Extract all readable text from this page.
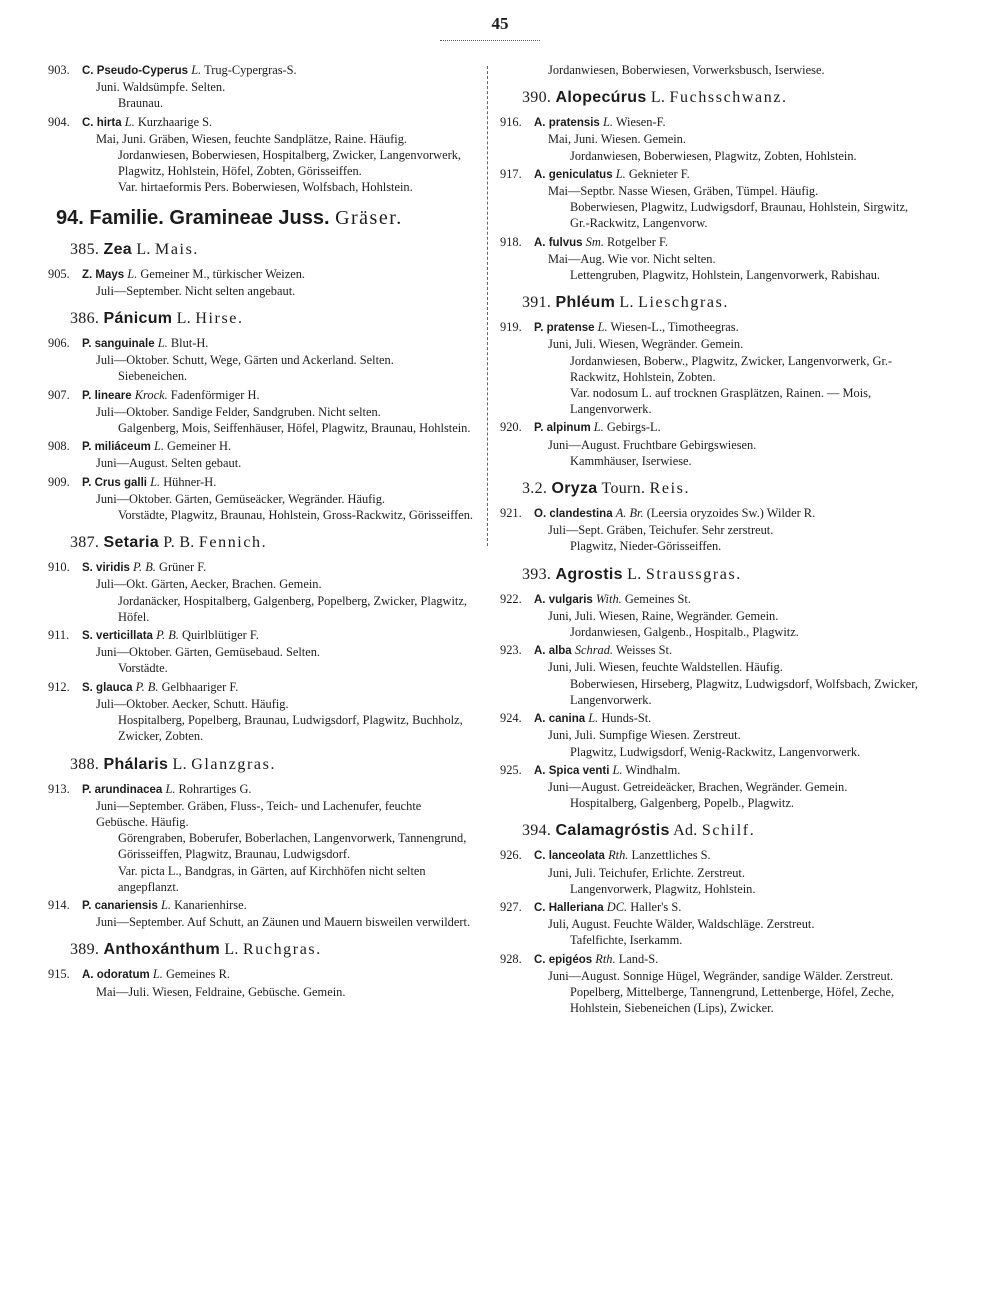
45
903. C. Pseudo-Cyperus L. Trug-Cypergras-S.
Juni. Waldsümpfe. Selten.
Braunau.
904. C. hirta L. Kurzhaarige S.
Mai, Juni. Gräben, Wiesen, feuchte Sandplätze, Raine. Häufig.
Jordanwiesen, Boberwiesen, Hospitalberg, Zwicker, Langenvorwerk, Plagwitz, Hohlstein, Höfel, Zobten, Görisseiffen.
Var. hirtaeformis Pers. Boberwiesen, Wolfsbach, Hohlstein.
94. Familie. Gramineae Juss. Gräser.
385. Zea L. Mais.
905. Z. Mays L. Gemeiner M., türkischer Weizen.
Juli—September. Nicht selten angebaut.
386. Pánicum L. Hirse.
906. P. sanguinale L. Blut-H.
Juli—Oktober. Schutt, Wege, Gärten und Ackerland. Selten.
Siebeneichen.
907. P. lineare Krock. Fadenförmiger H.
Juli—Oktober. Sandige Felder, Sandgruben. Nicht selten.
Galgenberg, Mois, Seiffenhäuser, Höfel, Plagwitz, Braunau, Hohlstein.
908. P. miliáceum L. Gemeiner H.
Juni—August. Selten gebaut.
909. P. Crus galli L. Hühner-H.
Juni—Oktober. Gärten, Gemüseäcker, Wegränder. Häufig.
Vorstädte, Plagwitz, Braunau, Hohlstein, Gross-Rackwitz, Görisseiffen.
387. Setaria P. B. Fennich.
910. S. viridis P. B. Grüner F.
Juli—Okt. Gärten, Aecker, Brachen. Gemein.
Jordanäcker, Hospitalberg, Galgenberg, Popelberg, Zwicker, Plagwitz, Höfel.
911. S. verticillata P. B. Quirlblütiger F.
Juni—Oktober. Gärten, Gemüsebaud. Selten.
Vorstädte.
912. S. glauca P. B. Gelbhaariger F.
Juli—Oktober. Aecker, Schutt. Häufig.
Hospitalberg, Popelberg, Braunau, Ludwigsdorf, Plagwitz, Buchholz, Zwicker, Zobten.
388. Phálaris L. Glanzgras.
913. P. arundinacea L. Rohrartiges G.
Juni—September. Gräben, Fluss-, Teich- und Lachenufer, feuchte Gebüsche. Häufig.
Görengraben, Boberufer, Boberlachen, Langenvorwerk, Tannengrund, Görisseiffen, Plagwitz, Braunau, Ludwigsdorf.
Var. picta L., Bandgras, in Gärten, auf Kirchhöfen nicht selten angepflanzt.
914. P. canariensis L. Kanarienhirse.
Juni—September. Auf Schutt, an Zäunen und Mauern bisweilen verwildert.
389. Anthoxánthum L. Ruchgras.
915. A. odoratum L. Gemeines R.
Mai—Juli. Wiesen, Feldraine, Gebüsche. Gemein.
Jordanwiesen, Boberwiesen, Vorwerksbusch, Iserwiese.
390. Alopecúrus L. Fuchsschwanz.
916. A. pratensis L. Wiesen-F.
Mai, Juni. Wiesen. Gemein.
Jordanwiesen, Boberwiesen, Plagwitz, Zobten, Hohlstein.
917. A. geniculatus L. Geknieter F.
Mai—Septbr. Nasse Wiesen, Gräben, Tümpel. Häufig.
Boberwiesen, Plagwitz, Ludwigsdorf, Braunau, Hohlstein, Sirgwitz, Gr.-Rackwitz, Langenvorw.
918. A. fulvus Sm. Rotgelber F.
Mai—Aug. Wie vor. Nicht selten.
Lettengruben, Plagwitz, Hohlstein, Langenvorwerk, Rabishau.
391. Phléum L. Lieschgras.
919. P. pratense L. Wiesen-L., Timotheegras.
Juni, Juli. Wiesen, Wegränder. Gemein.
Jordanwiesen, Boberw., Plagwitz, Zwicker, Langenvorwerk, Gr.-Rackwitz, Hohlstein, Zobten.
Var. nodosum L. auf trocknen Grasplätzen, Rainen. — Mois, Langenvorwerk.
920. P. alpinum L. Gebirgs-L.
Juni—August. Fruchtbare Gebirgswiesen.
Kammhäuser, Iserwiese.
3.2. Oryza Tourn. Reis.
921. O. clandestina A. Br. (Leersia oryzoides Sw.) Wilder R.
Juli—Sept. Gräben, Teichufer. Sehr zerstreut.
Plagwitz, Nieder-Görisseiffen.
393. Agrostis L. Straussgras.
922. A. vulgaris With. Gemeines St.
Juni, Juli. Wiesen, Raine, Wegränder. Gemein.
Jordanwiesen, Galgenb., Hospitalb., Plagwitz.
923. A. alba Schrad. Weisses St.
Juni, Juli. Wiesen, feuchte Waldstellen. Häufig.
Boberwiesen, Hirseberg, Plagwitz, Ludwigsdorf, Wolfsbach, Zwicker, Langenvorwerk.
924. A. canina L. Hunds-St.
Juni, Juli. Sumpfige Wiesen. Zerstreut.
Plagwitz, Ludwigsdorf, Wenig-Rackwitz, Langenvorwerk.
925. A. Spica venti L. Windhalm.
Juni—August. Getreideäcker, Brachen, Wegränder. Gemein.
Hospitalberg, Galgenberg, Popelb., Plagwitz.
394. Calamagróstis Ad. Schilf.
926. C. lanceolata Rth. Lanzettliches S.
Juni, Juli. Teichufer, Erlichte. Zerstreut.
Langenvorwerk, Plagwitz, Hohlstein.
927. C. Halleriana DC. Haller's S.
Juli, August. Feuchte Wälder, Waldschläge. Zerstreut.
Tafelfichte, Iserkamm.
928. C. epigéos Rth. Land-S.
Juni—August. Sonnige Hügel, Wegränder, sandige Wälder. Zerstreut.
Popelberg, Mittelberge, Tannengrund, Lettenberge, Höfel, Zeche, Hohlstein, Siebeneichen (Lips), Zwicker.
